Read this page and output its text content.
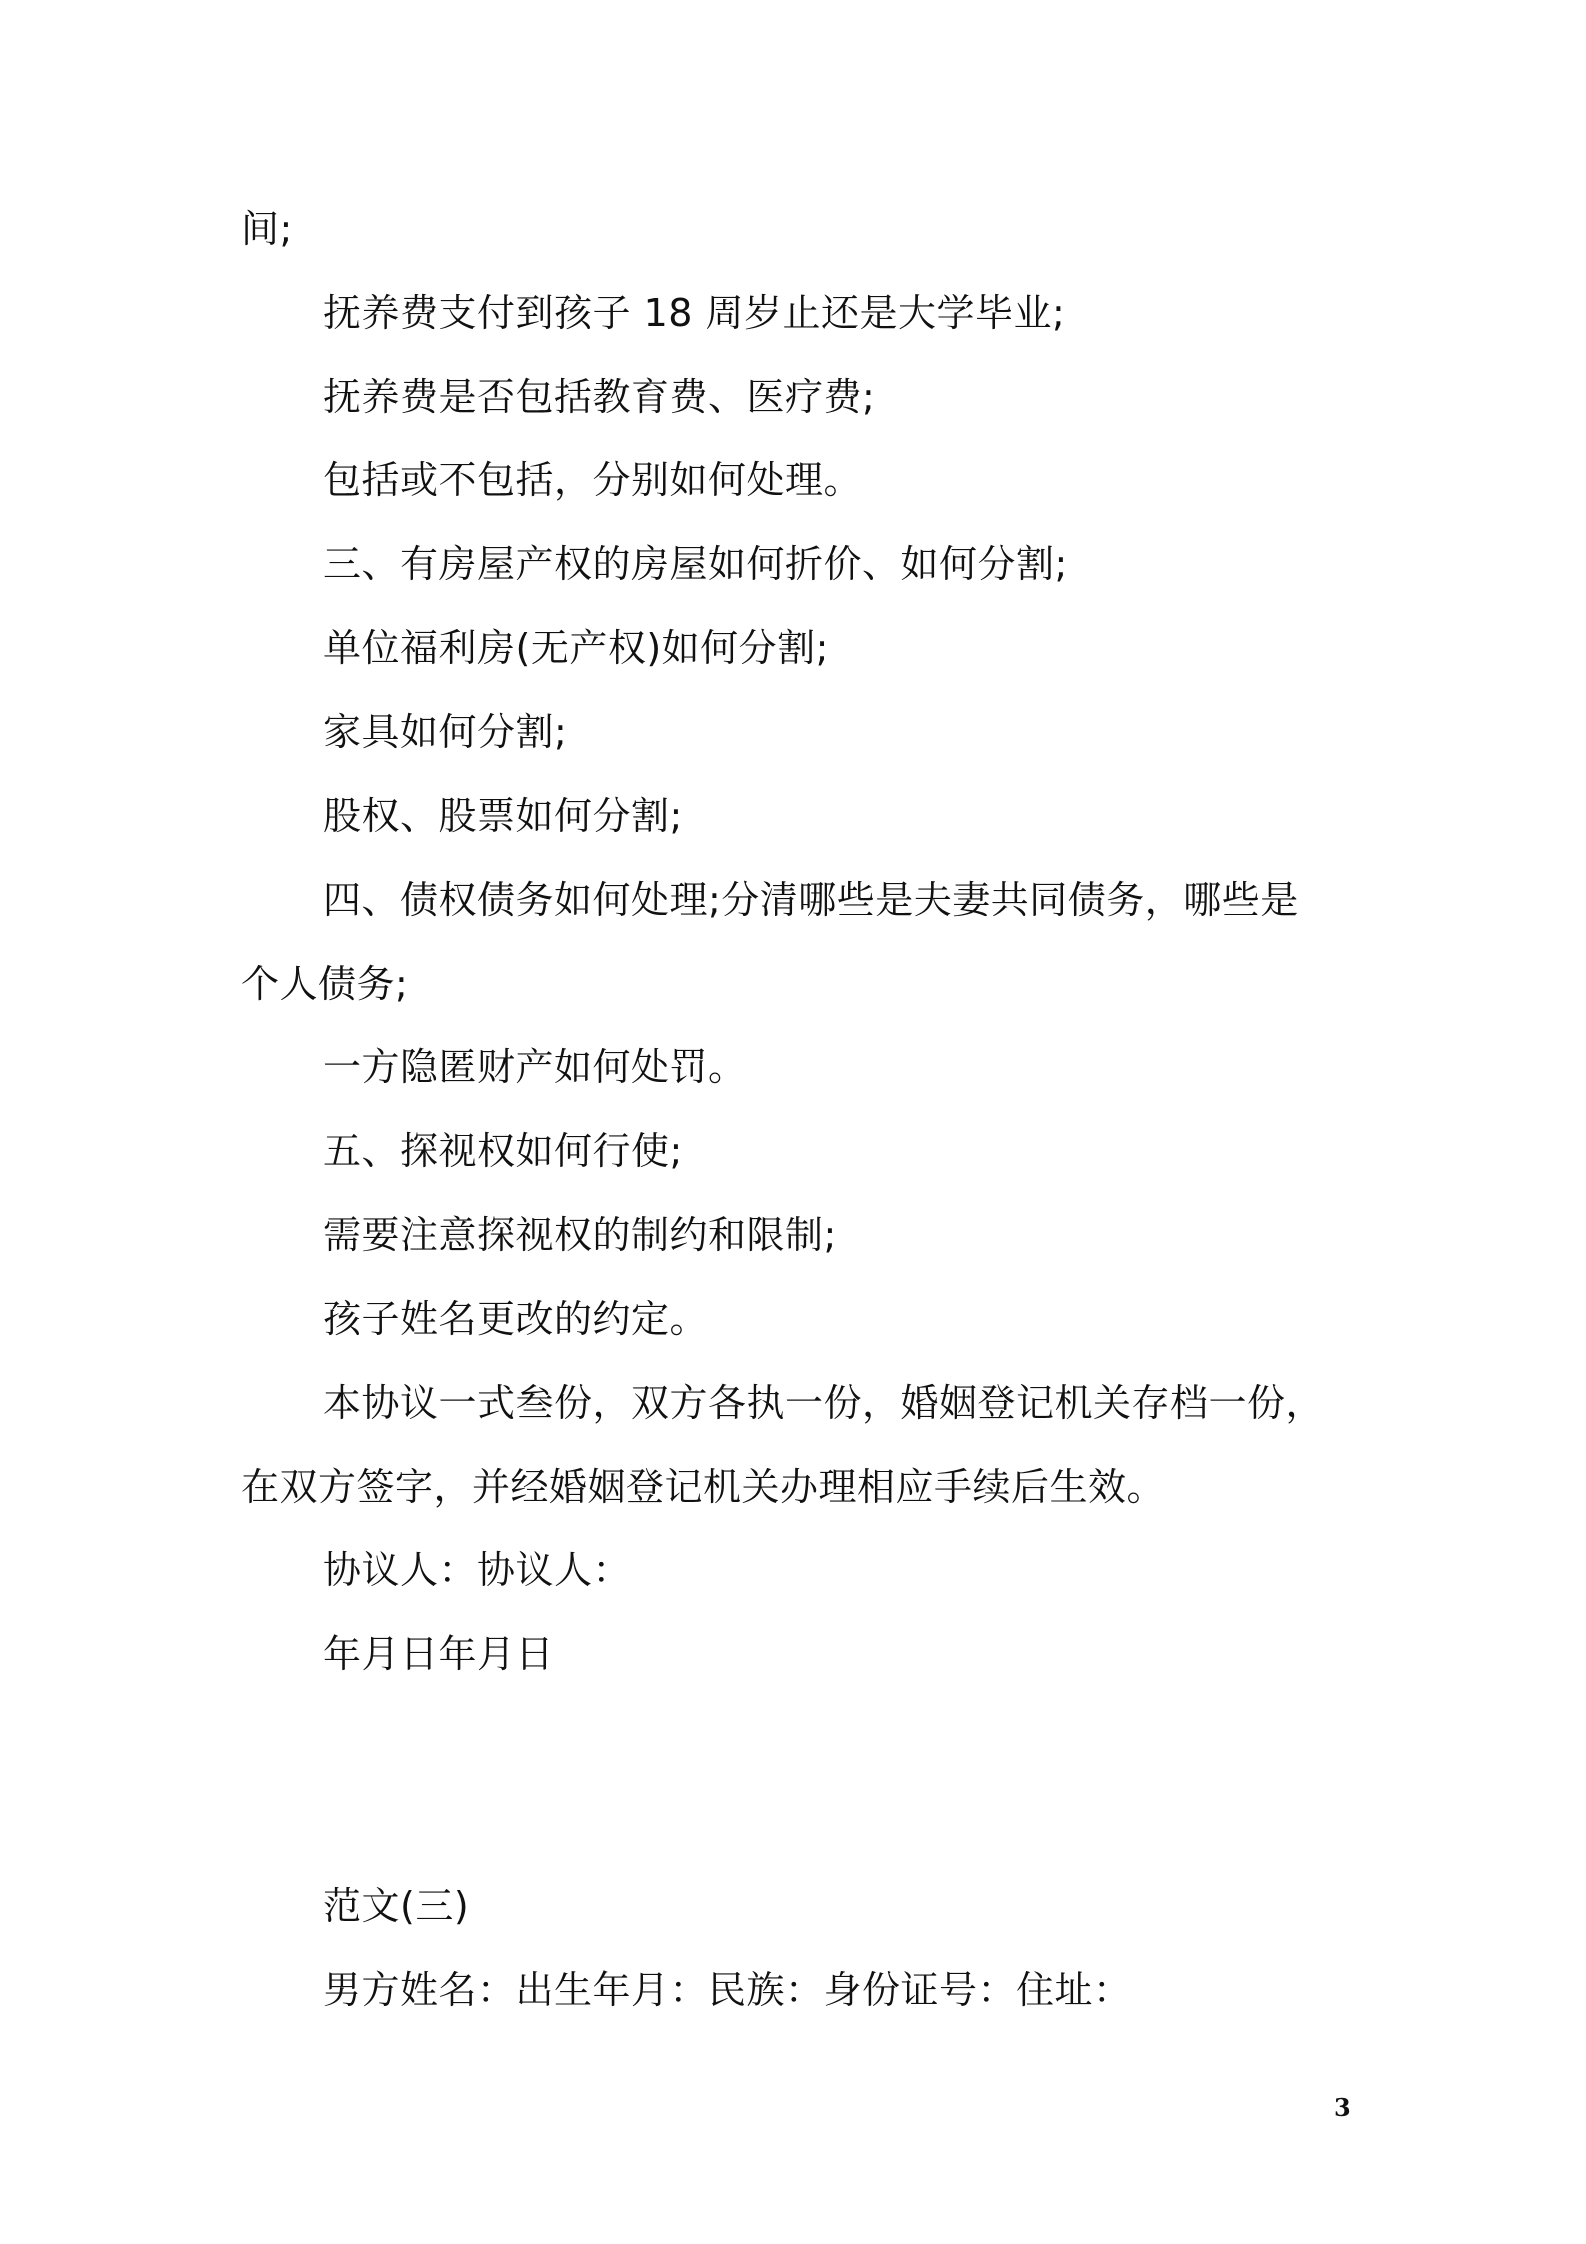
间;
抚养费支付到孩子 18 周岁止还是大学毕业;
抚养费是否包括教育费、医疗费;
包括或不包括，分别如何处理。
三、有房屋产权的房屋如何折价、如何分割;
单位福利房(无产权)如何分割;
家具如何分割;
股权、股票如何分割;
四、债权债务如何处理;分清哪些是夫妻共同债务，哪些是
个人债务;
一方隐匿财产如何处罚。
五、探视权如何行使;
需要注意探视权的制约和限制;
孩子姓名更改的约定。
本协议一式叁份，双方各执一份，婚姻登记机关存档一份，
在双方签字，并经婚姻登记机关办理相应手续后生效。
协议人：协议人：
年月日年月日
范文(三)
男方姓名：出生年月：民族：身份证号：住址：
3
